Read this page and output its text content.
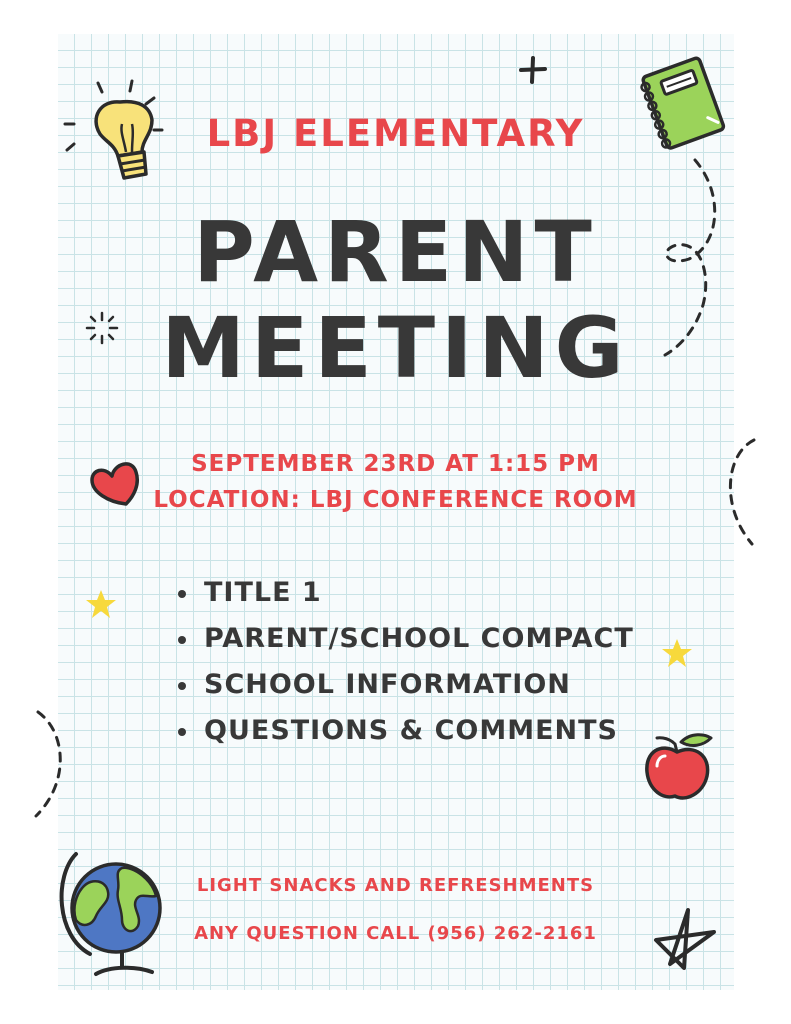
LBJ ELEMENTARY
PARENT
MEETING
SEPTEMBER 23RD AT 1:15 PM
LOCATION: LBJ CONFERENCE ROOM
TITLE 1
PARENT/SCHOOL COMPACT
SCHOOL INFORMATION
QUESTIONS & COMMENTS
LIGHT SNACKS AND REFRESHMENTS
ANY QUESTION CALL (956) 262-2161
